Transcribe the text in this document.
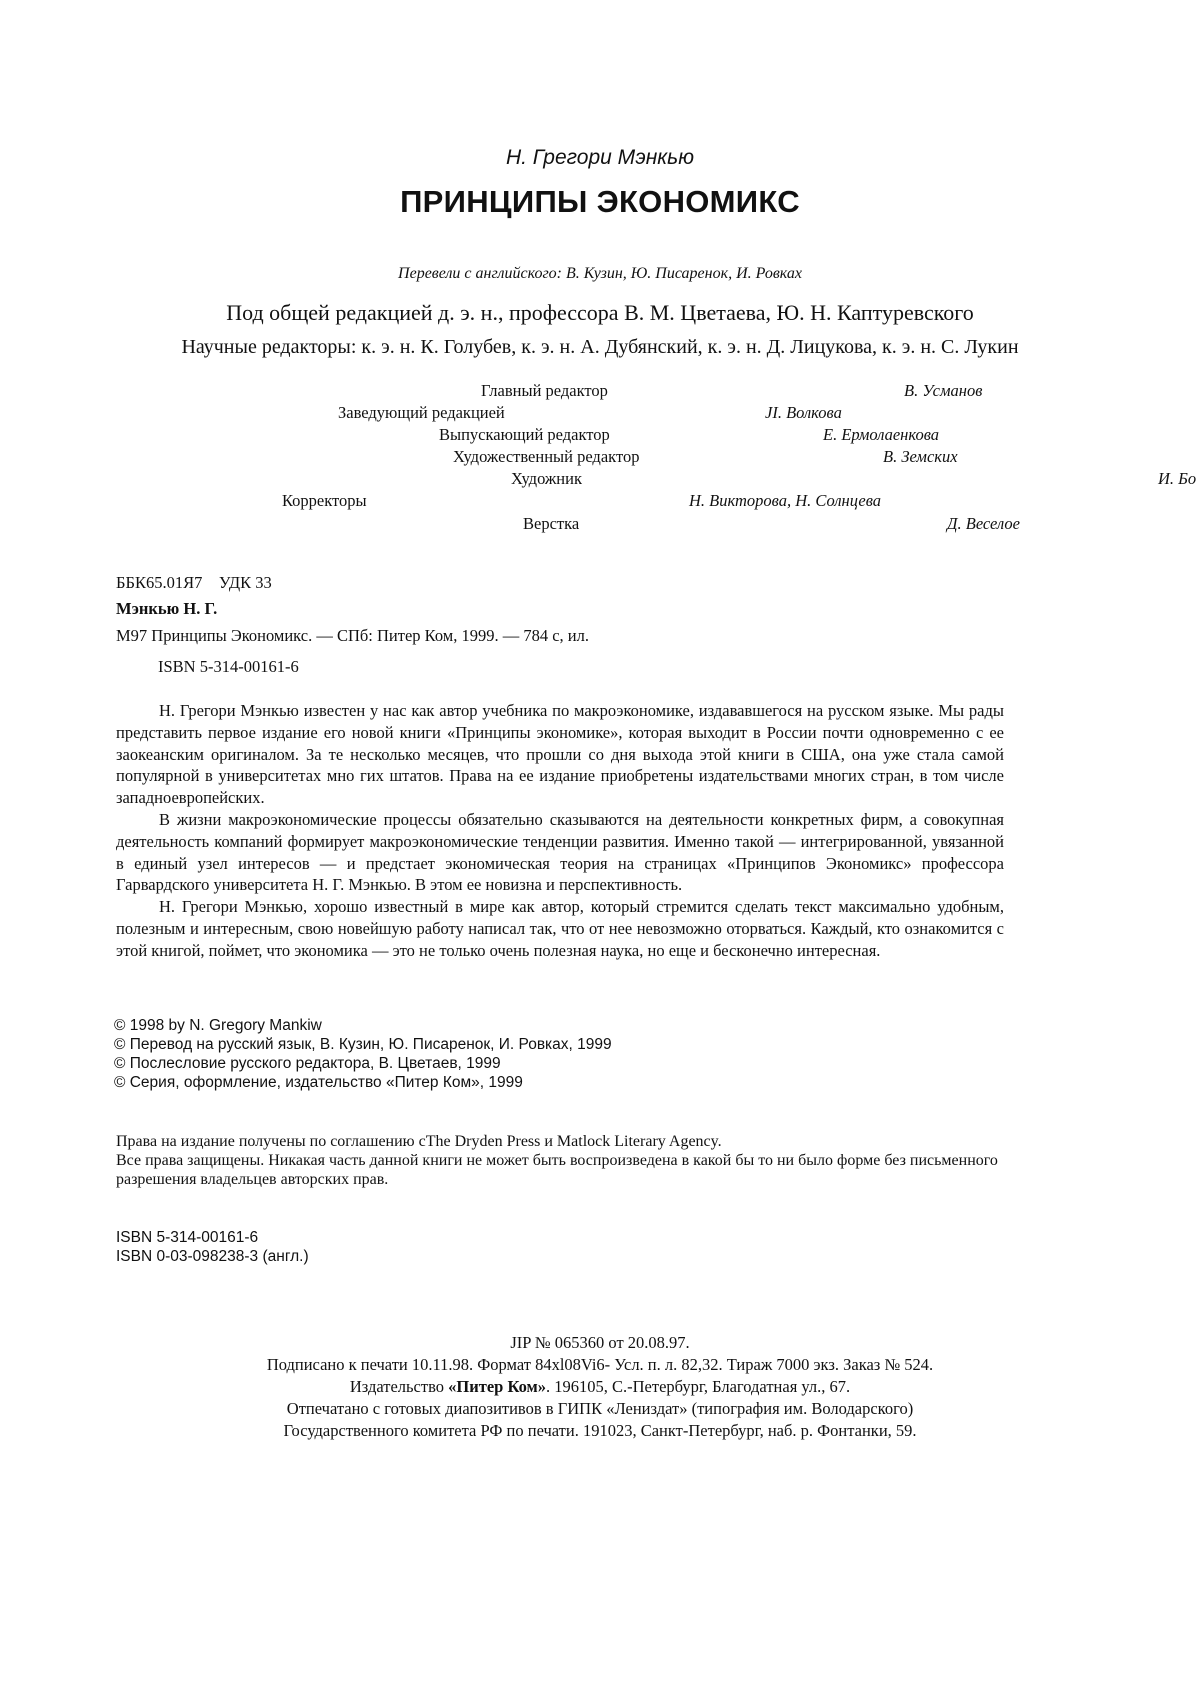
Н. Грегори Мэнкью
ПРИНЦИПЫ ЭКОНОМИКС
Перевели с английского: В. Кузин, Ю. Писаренок, И. Ровках
Под общей редакцией д. э. н., профессора В. М. Цветаева, Ю. Н. Каптуревского
Научные редакторы: к. э. н. К. Голубев, к. э. н. А. Дубянский, к. э. н. Д. Лицукова, к. э. н. С. Лукин
Главный редактор	В. Усманов
Заведующий редакцией	JI. Волкова
Выпускающий редактор	Е. Ермолаенкова
Художественный редактор	В. Земских
Художник	И. Бо
Корректоры	Н. Викторова, Н. Солнцева
Верстка	Д. Веселое
ББК65.01Я7    УДК 33
Мэнкью Н. Г.
М97 Принципы Экономикс. — СПб: Питер Ком, 1999. — 784 с, ил.
ISBN 5-314-00161-6

Н. Грегори Мэнкью известен у нас как автор учебника по макроэкономике, издававшегося на русском языке. Мы рады представить первое издание его новой книги «Принципы экономике», которая выходит в России почти одновременно с ее заокеанским оригиналом. За те несколько месяцев, что прошли со дня выхода этой книги в США, она уже стала самой популярной в университетах мно гих штатов. Права на ее издание приобретены издательствами многих стран, в том числе западноевропейских.

В жизни макроэкономические процессы обязательно сказываются на деятельности конкретных фирм, а совокупная деятельность компаний формирует макроэкономические тенденции развития. Именно такой — интегрированной, увязанной в единый узел интересов — и предстает экономическая теория на страницах «Принципов Экономикс» профессора Гарвардского университета Н. Г. Мэнкью. В этом ее новизна и перспективность.

Н. Грегори Мэнкью, хорошо известный в мире как автор, который стремится сделать текст максимально удобным, полезным и интересным, свою новейшую работу написал так, что от нее невозможно оторваться. Каждый, кто ознакомится с этой книгой, поймет, что экономика — это не только очень полезная наука, но еще и бесконечно интересная.

© 1998 by N. Gregory Mankiw
© Перевод на русский язык, В. Кузин, Ю. Писаренок, И. Ровках, 1999
© Послесловие русского редактора, В. Цветаев, 1999
© Серия, оформление, издательство «Питер Ком», 1999
Права на издание получены по соглашению сThe Dryden Press и Matlock Literary Agency.
Все права защищены. Никакая часть данной книги не может быть воспроизведена в какой бы то ни было форме без письменного
разрешения владельцев авторских прав.
ISBN 5-314-00161-6
ISBN 0-03-098238-3 (англ.)
JIP № 065360 от 20.08.97.
Подписано к печати 10.11.98. Формат 84xl08Vi6- Усл. п. л. 82,32. Тираж 7000 экз. Заказ № 524.
Издательство «Питер Ком». 196105, С.-Петербург, Благодатная ул., 67.
Отпечатано с готовых диапозитивов в ГИПК «Лениздат» (типография им. Володарского)
Государственного комитета РФ по печати. 191023, Санкт-Петербург, наб. р. Фонтанки, 59.
